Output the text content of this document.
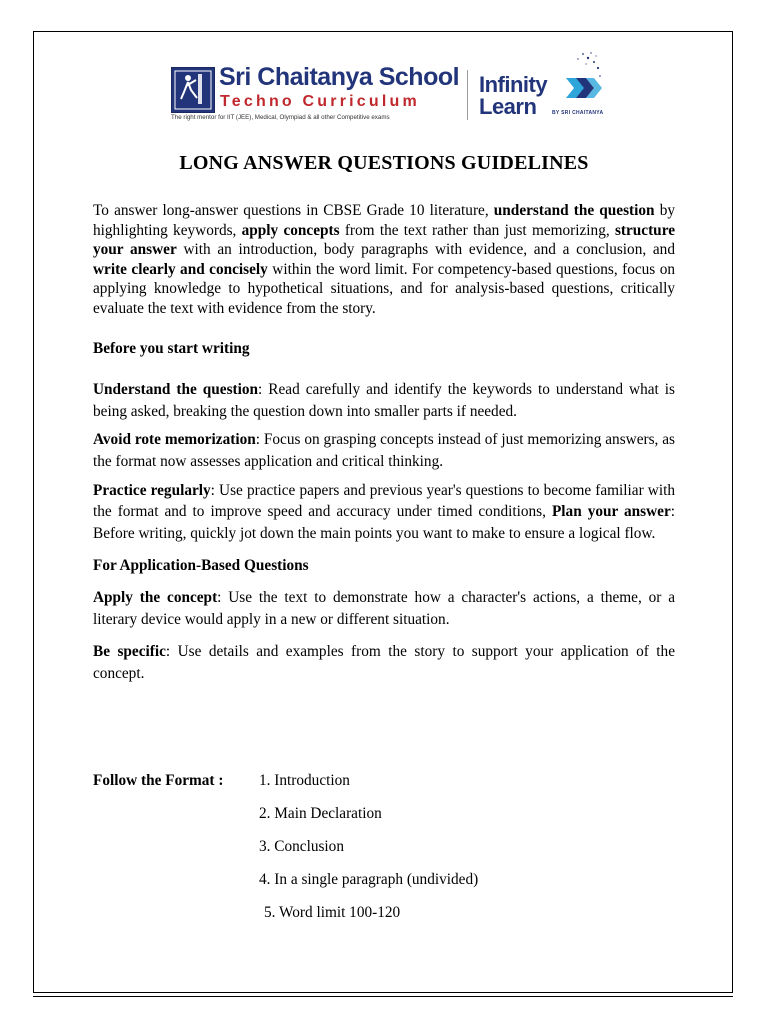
Sri Chaitanya School
Techno Curriculum
The right mentor for IIT (JEE), Medical, Olympiad & all other Competitive exams
Infinity
Learn	BY SRI CHAITANYA
LONG ANSWER QUESTIONS GUIDELINES

To answer long-answer questions in CBSE Grade 10 literature, understand the question by highlighting keywords, apply concepts from the text rather than just memorizing, structure your answer with an introduction, body paragraphs with evidence, and a conclusion, and write clearly and concisely within the word limit. For competency-based questions, focus on applying knowledge to hypothetical situations, and for analysis-based questions, critically evaluate the text with evidence from the story.

Before you start writing

Understand the question: Read carefully and identify the keywords to understand what is being asked, breaking the question down into smaller parts if needed.

Avoid rote memorization: Focus on grasping concepts instead of just memorizing answers, as the format now assesses application and critical thinking.

Practice regularly: Use practice papers and previous year's questions to become familiar with the format and to improve speed and accuracy under timed conditions, Plan your answer: Before writing, quickly jot down the main points you want to make to ensure a logical flow.

For Application-Based Questions

Apply the concept: Use the text to demonstrate how a character's actions, a theme, or a literary device would apply in a new or different situation.

Be specific: Use details and examples from the story to support your application of the concept.

Follow the Format : 1. Introduction
2. Main Declaration
3. Conclusion
4. In a single paragraph (undivided)
5. Word limit 100-120
